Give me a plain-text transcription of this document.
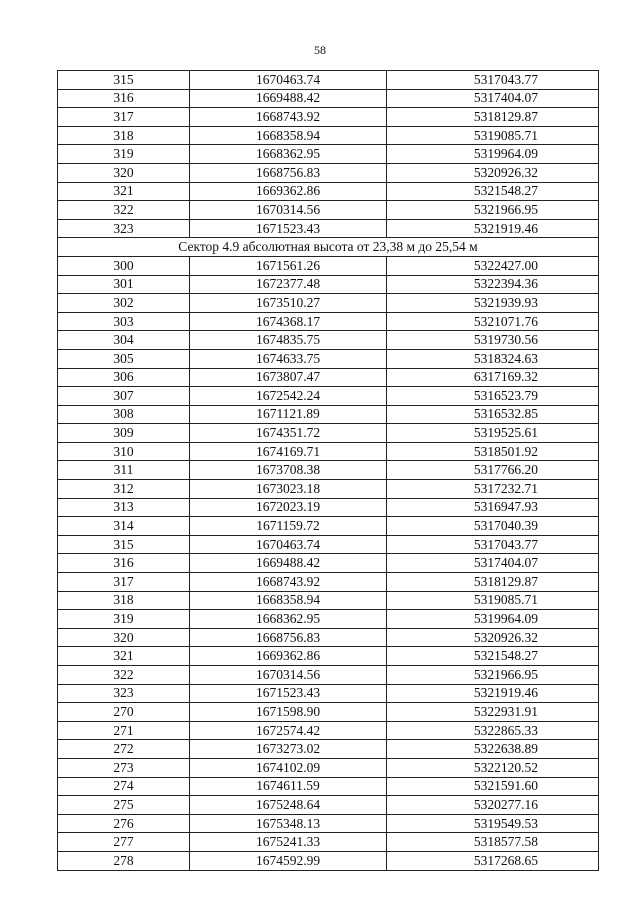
58
315	1670463.74	5317043.77
316	1669488.42	5317404.07
317	1668743.92	5318129.87
318	1668358.94	5319085.71
319	1668362.95	5319964.09
320	1668756.83	5320926.32
321	1669362.86	5321548.27
322	1670314.56	5321966.95
323	1671523.43	5321919.46
Сектор 4.9 абсолютная высота от 23,38 м до 25,54 м		
300	1671561.26	5322427.00
301	1672377.48	5322394.36
302	1673510.27	5321939.93
303	1674368.17	5321071.76
304	1674835.75	5319730.56
305	1674633.75	5318324.63
306	1673807.47	6317169.32
307	1672542.24	5316523.79
308	1671121.89	5316532.85
309	1674351.72	5319525.61
310	1674169.71	5318501.92
311	1673708.38	5317766.20
312	1673023.18	5317232.71
313	1672023.19	5316947.93
314	1671159.72	5317040.39
315	1670463.74	5317043.77
316	1669488.42	5317404.07
317	1668743.92	5318129.87
318	1668358.94	5319085.71
319	1668362.95	5319964.09
320	1668756.83	5320926.32
321	1669362.86	5321548.27
322	1670314.56	5321966.95
323	1671523.43	5321919.46
270	1671598.90	5322931.91
271	1672574.42	5322865.33
272	1673273.02	5322638.89
273	1674102.09	5322120.52
274	1674611.59	5321591.60
275	1675248.64	5320277.16
276	1675348.13	5319549.53
277	1675241.33	5318577.58
278	1674592.99	5317268.65
